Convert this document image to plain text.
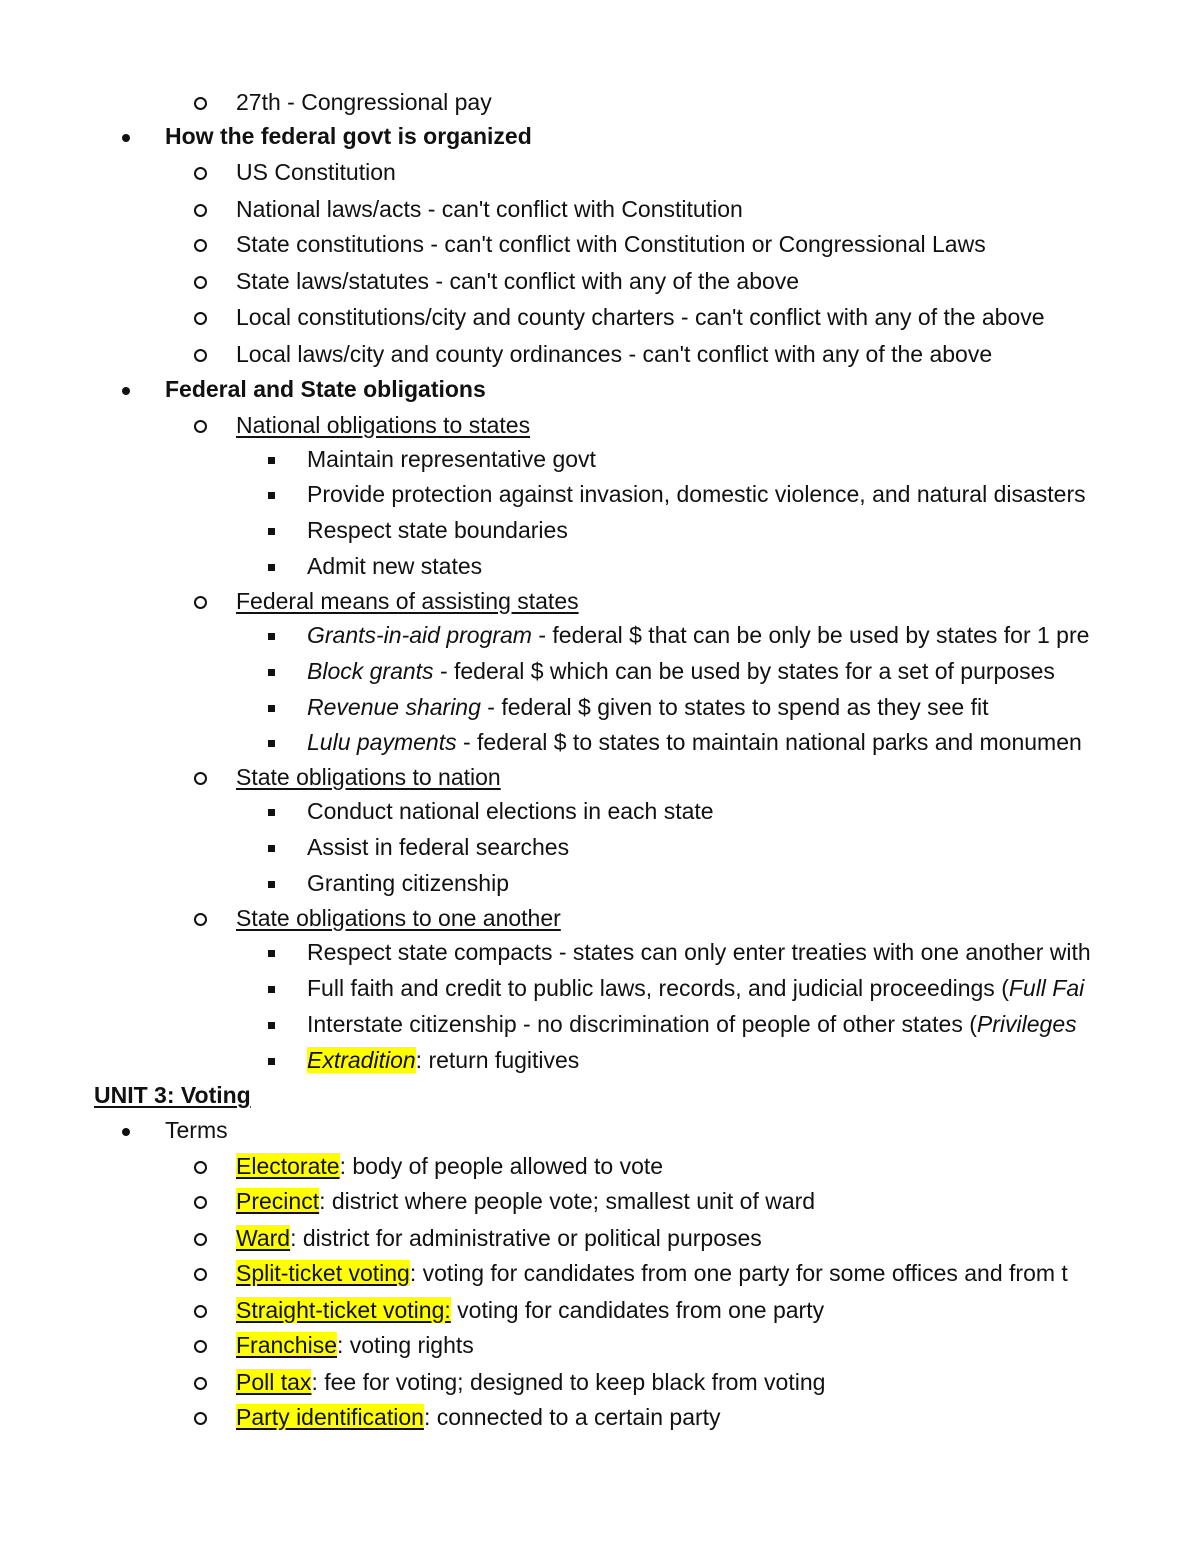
27th - Congressional pay
How the federal govt is organized
US Constitution
National laws/acts - can't conflict with Constitution
State constitutions - can't conflict with Constitution or Congressional Laws
State laws/statutes - can't conflict with any of the above
Local constitutions/city and county charters - can't conflict with any of the above
Local laws/city and county ordinances - can't conflict with any of the above
Federal and State obligations
National obligations to states
Maintain representative govt
Provide protection against invasion, domestic violence, and natural disasters
Respect state boundaries
Admit new states
Federal means of assisting states
Grants-in-aid program - federal $ that can be only be used by states for 1 pre
Block grants - federal $ which can be used by states for a set of purposes
Revenue sharing - federal $ given to states to spend as they see fit
Lulu payments - federal $ to states to maintain national parks and monumen
State obligations to nation
Conduct national elections in each state
Assist in federal searches
Granting citizenship
State obligations to one another
Respect state compacts - states can only enter treaties with one another with
Full faith and credit to public laws, records, and judicial proceedings (Full Fai
Interstate citizenship - no discrimination of people of other states (Privileges
Extradition: return fugitives
UNIT 3: Voting
Terms
Electorate: body of people allowed to vote
Precinct: district where people vote; smallest unit of ward
Ward: district for administrative or political purposes
Split-ticket voting: voting for candidates from one party for some offices and from t
Straight-ticket voting: voting for candidates from one party
Franchise: voting rights
Poll tax: fee for voting; designed to keep black from voting
Party identification: connected to a certain party
